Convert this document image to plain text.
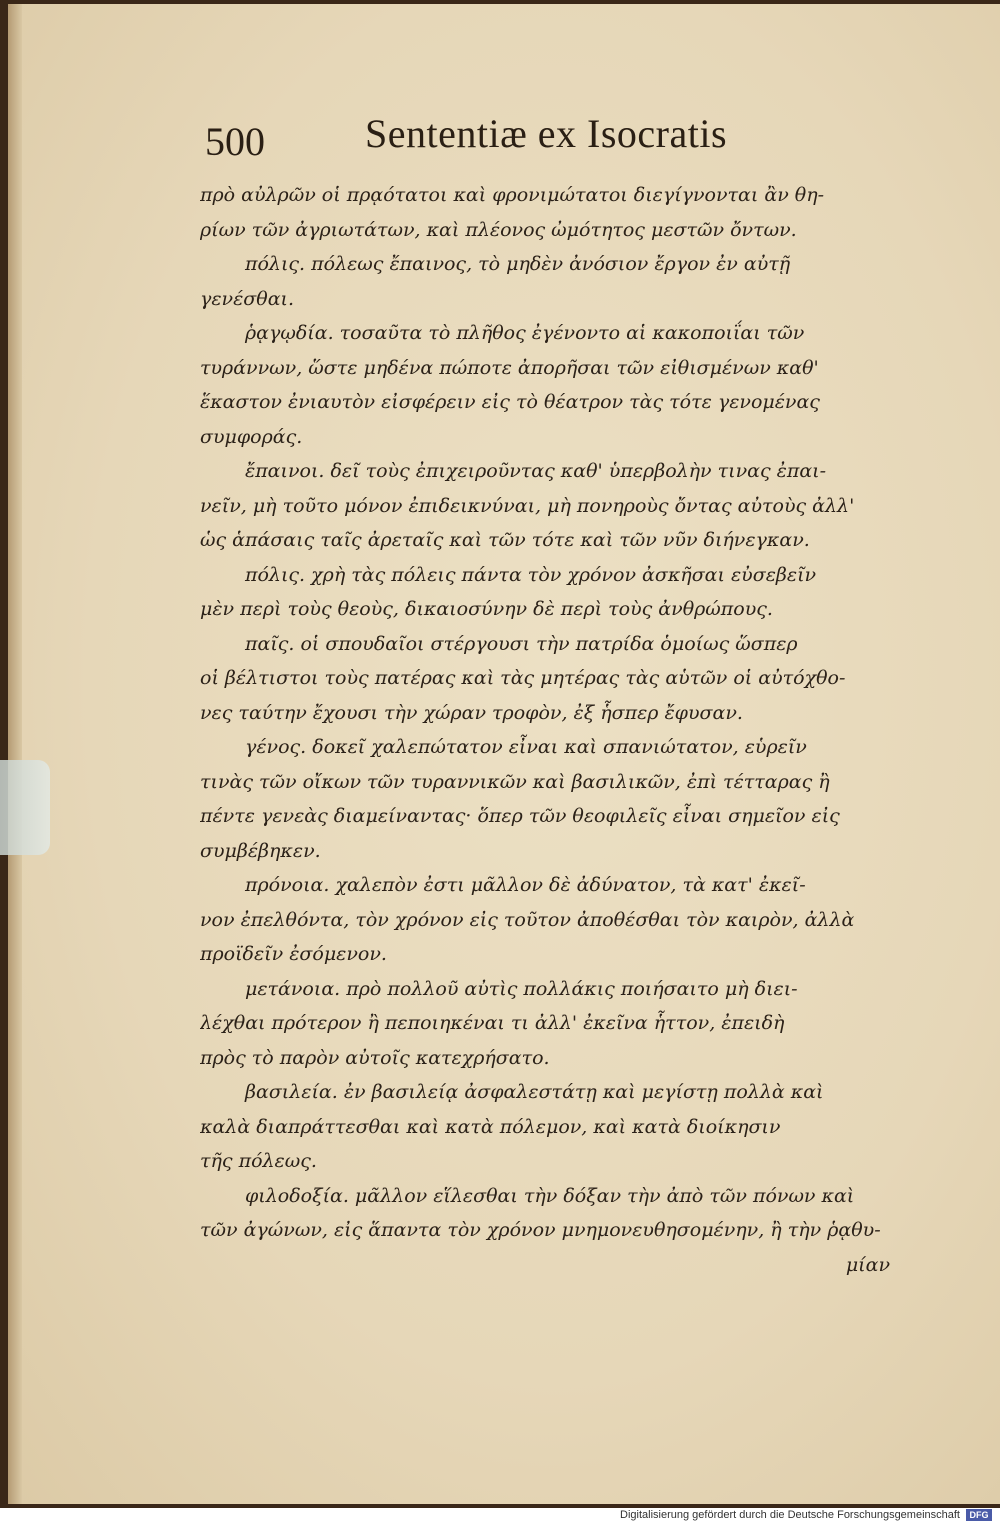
500	Sententiæ ex Isocratis
πρὸ αὐλρῶν οἱ πρᾳότατοι καὶ φρονιμώτατοι διεγίγνονται ἂν θη-
ρίων τῶν ἀγριωτάτων, καὶ πλέονος ὠμότητος μεστῶν ὄντων.
πόλις. πόλεως ἔπαινος, τὸ μηδὲν ἀνόσιον ἔργον ἐν αὐτῇ
γενέσθαι.
ῥᾳγῳδία. τοσαῦτα τὸ πλῆθος ἐγένοντο αἱ κακοποιΐαι τῶν
τυράννων, ὥστε μηδένα πώποτε ἀπορῆσαι τῶν εἰθισμένων καθ'
ἕκαστον ἐνιαυτὸν εἰσφέρειν εἰς τὸ θέατρον τὰς τότε γενομένας
συμφοράς.
ἔπαινοι. δεῖ τοὺς ἐπιχειροῦντας καθ' ὑπερβολὴν τινας ἐπαι-
νεῖν, μὴ τοῦτο μόνον ἐπιδεικνύναι, μὴ πονηροὺς ὄντας αὐτοὺς ἀλλ'
ὡς ἁπάσαις ταῖς ἀρεταῖς καὶ τῶν τότε καὶ τῶν νῦν διήνεγκαν.
πόλις. χρὴ τὰς πόλεις πάντα τὸν χρόνον ἀσκῆσαι εὐσεβεῖν
μὲν περὶ τοὺς θεοὺς, δικαιοσύνην δὲ περὶ τοὺς ἀνθρώπους.
παῖς. οἱ σπουδαῖοι στέργουσι τὴν πατρίδα ὁμοίως ὥσπερ
οἱ βέλτιστοι τοὺς πατέρας καὶ τὰς μητέρας τὰς αὑτῶν οἱ αὐτόχθο-
νες ταύτην ἔχουσι τὴν χώραν τροφὸν, ἐξ ἧσπερ ἔφυσαν.
γένος. δοκεῖ χαλεπώτατον εἶναι καὶ σπανιώτατον, εὑρεῖν
τινὰς τῶν οἴκων τῶν τυραννικῶν καὶ βασιλικῶν, ἐπὶ τέτταρας ἢ
πέντε γενεὰς διαμείναντας· ὅπερ τῶν θεοφιλεῖς εἶναι σημεῖον εἰς
συμβέβηκεν.
πρόνοια. χαλεπὸν ἐστι μᾶλλον δὲ ἀδύνατον, τὰ κατ' ἐκεῖ-
νον ἐπελθόντα, τὸν χρόνον εἰς τοῦτον ἀποθέσθαι τὸν καιρὸν, ἀλλὰ
προϊδεῖν ἐσόμενον.
μετάνοια. πρὸ πολλοῦ αὐτὶς πολλάκις ποιήσαιτο μὴ διει-
λέχθαι πρότερον ἢ πεποιηκέναι τι ἀλλ' ἐκεῖνα ἧττον, ἐπειδὴ
πρὸς τὸ παρὸν αὐτοῖς κατεχρήσατο.
βασιλεία. ἐν βασιλείᾳ ἀσφαλεστάτῃ καὶ μεγίστῃ πολλὰ καὶ
καλὰ διαπράττεσθαι καὶ κατὰ πόλεμον, καὶ κατὰ διοίκησιν
τῆς πόλεως.
φιλοδοξία. μᾶλλον εἵλεσθαι τὴν δόξαν τὴν ἀπὸ τῶν πόνων καὶ
τῶν ἀγώνων, εἰς ἅπαντα τὸν χρόνον μνημονευθησομένην, ἢ τὴν ῥᾳθυ-
μίαν
Digitalisierung gefördert durch die Deutsche Forschungsgemeinschaft	DFG
